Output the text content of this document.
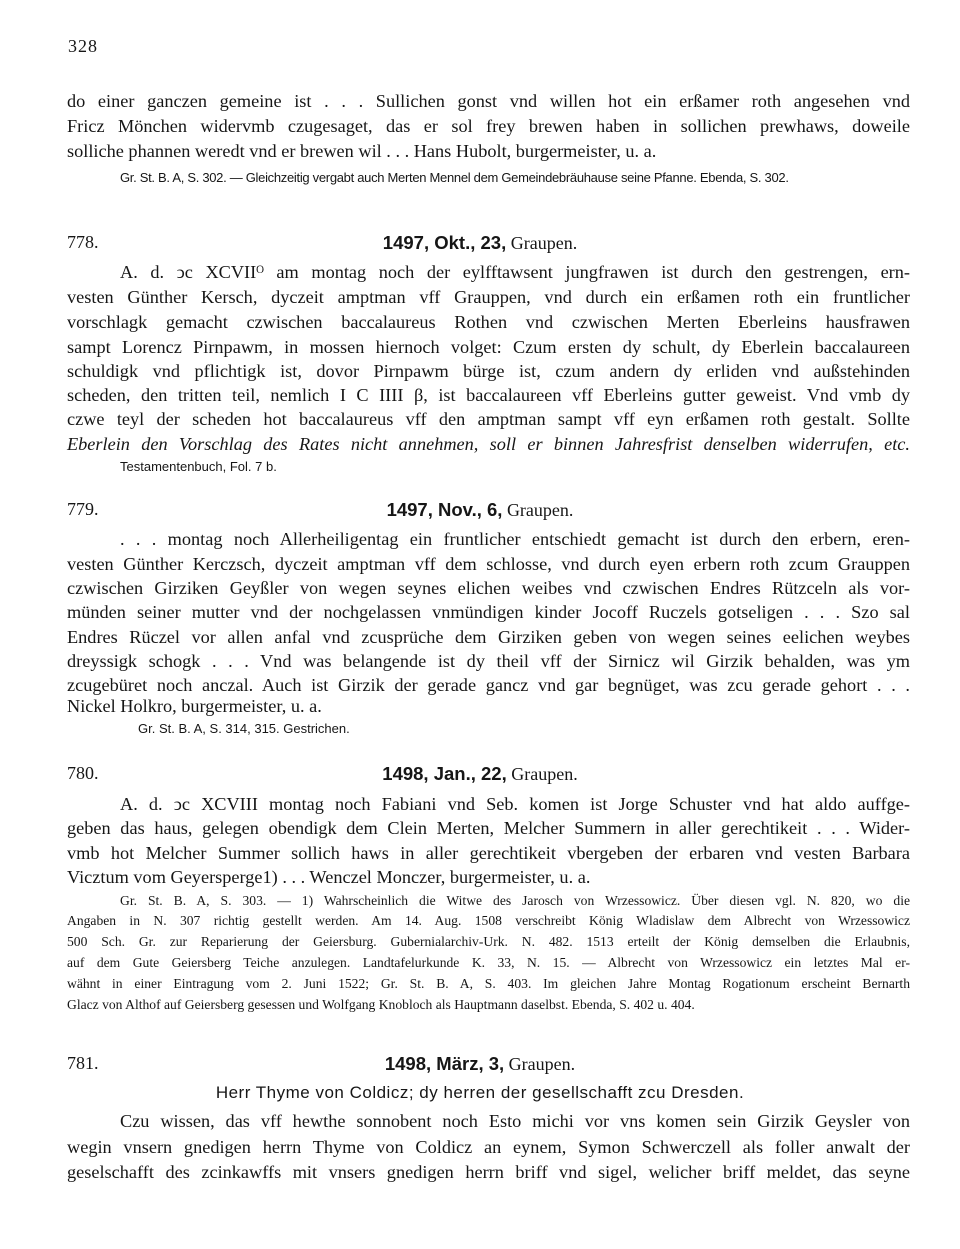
328
do einer ganczen gemeine ist . . . Sullichen gonst vnd willen hot ein erßamer roth angesehen vnd
Fricz Mönchen widervmb czugesaget, das er sol frey brewen haben in sollichen prewhaws, doweile
solliche phannen weredt vnd er brewen wil . . . Hans Hubolt, burgermeister, u. a.
Gr. St. B. A, S. 302. — Gleichzeitig vergabt auch Merten Mennel dem Gemeindebräuhause seine Pfanne. Ebenda, S. 302.
778.	1497, Okt., 23, Graupen.
A. d. ↄc XCVIIᴼ am montag noch der eylfftawsent jungfrawen ist durch den gestrengen, ern-
vesten Günther Kersch, dyczeit amptman vff Grauppen, vnd durch ein erßamen roth ein fruntlicher
vorschlagk gemacht czwischen baccalaureus Rothen vnd czwischen Merten Eberleins hausfrawen
sampt Lorencz Pirnpawm, in mossen hiernoch volget: Czum ersten dy schult, dy Eberlein baccalaureen
schuldigk vnd pflichtigk ist, dovor Pirnpawm bürge ist, czum andern dy erliden vnd außstehinden
scheden, den tritten teil, nemlich I C IIII β, ist baccalaureen vff Eberleins gutter geweist. Vnd vmb dy
czwe teyl der scheden hot baccalaureus vff den amptman sampt vff eyn erßamen roth gestalt. Sollte
Eberlein den Vorschlag des Rates nicht annehmen, soll er binnen Jahresfrist denselben widerrufen, etc.
Testamentenbuch, Fol. 7 b.
779.	1497, Nov., 6, Graupen.
. . . montag noch Allerheiligentag ein fruntlicher entschiedt gemacht ist durch den erbern, eren-
vesten Günther Kerczsch, dyczeit amptman vff dem schlosse, vnd durch eyen erbern roth zcum Grauppen
czwischen Girziken Geyßler von wegen seynes elichen weibes vnd czwischen Endres Rützceln als vor-
münden seiner mutter vnd der nochgelassen vnmündigen kinder Jocoff Ruczels gotseligen . . . Szo sal
Endres Rüczel vor allen anfal vnd zcusprüche dem Girziken geben von wegen seines eelichen weybes
dreyssigk schogk . . . Vnd was belangende ist dy theil vff der Sirnicz wil Girzik behalden, was ym
zcugebüret noch anczal. Auch ist Girzik der gerade gancz vnd gar begnüget, was zcu gerade gehort . . .
Nickel Holkro, burgermeister, u. a.
Gr. St. B. A, S. 314, 315. Gestrichen.
780.	1498, Jan., 22, Graupen.
A. d. ↄc XCVIII montag noch Fabiani vnd Seb. komen ist Jorge Schuster vnd hat aldo auffge-
geben das haus, gelegen obendigk dem Clein Merten, Melcher Summern in aller gerechtikeit . . . Wider-
vmb hot Melcher Summer sollich haws in aller gerechtikeit vbergeben der erbaren vnd vesten Barbara
Vicztum vom Geyersperge1) . . . Wenczel Monczer, burgermeister, u. a.
Gr. St. B. A, S. 303. — 1) Wahrscheinlich die Witwe des Jarosch von Wrzessowicz. Über diesen vgl. N. 820, wo die
Angaben in N. 307 richtig gestellt werden. Am 14. Aug. 1508 verschreibt König Wladislaw dem Albrecht von Wrzessowicz
500 Sch. Gr. zur Reparierung der Geiersburg. Gubernialarchiv-Urk. N. 482. 1513 erteilt der König demselben die Erlaubnis,
auf dem Gute Geiersberg Teiche anzulegen. Landtafelurkunde K. 33, N. 15. — Albrecht von Wrzessowicz ein letztes Mal er-
wähnt in einer Eintragung vom 2. Juni 1522; Gr. St. B. A, S. 403. Im gleichen Jahre Montag Rogationum erscheint Bernarth
Glacz von Althof auf Geiersberg gesessen und Wolfgang Knobloch als Hauptmann daselbst. Ebenda, S. 402 u. 404.
781.	1498, März, 3, Graupen.
Herr Thyme von Coldicz; dy herren der gesellschafft zcu Dresden.
Czu wissen, das vff hewthe sonnobent noch Esto michi vor vns komen sein Girzik Geysler von
wegin vnsern gnedigen herrn Thyme von Coldicz an eynem, Symon Schwerczell als foller anwalt der
geselschafft des zcinkawffs mit vnsers gnedigen herrn briff vnd sigel, welicher briff meldet, das seyne
